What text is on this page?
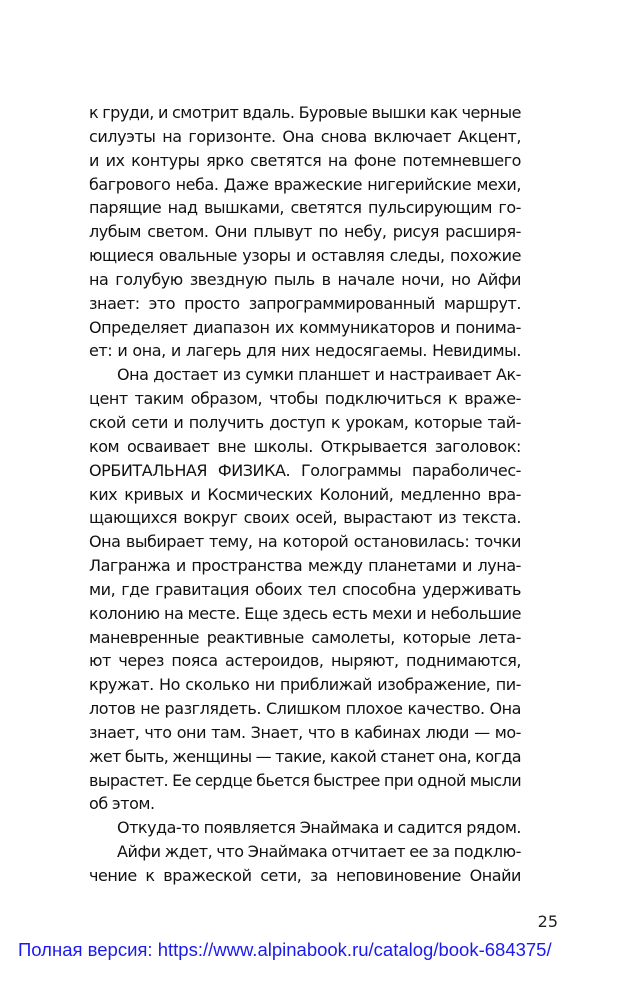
к груди, и смотрит вдаль. Буровые вышки как черные
силуэты на горизонте. Она снова включает Акцент,
и их контуры ярко светятся на фоне потемневшего
багрового неба. Даже вражеские нигерийские мехи,
парящие над вышками, светятся пульсирующим го-
лубым светом. Они плывут по небу, рисуя расширя-
ющиеся овальные узоры и оставляя следы, похожие
на голубую звездную пыль в начале ночи, но Айфи
знает: это просто запрограммированный маршрут.
Определяет диапазон их коммуникаторов и понима-
ет: и она, и лагерь для них недосягаемы. Невидимы.
Она достает из сумки планшет и настраивает Ак-
цент таким образом, чтобы подключиться к враже-
ской сети и получить доступ к урокам, которые тай-
ком осваивает вне школы. Открывается заголовок:
ОРБИТАЛЬНАЯ ФИЗИКА. Голограммы параболичес-
ких кривых и Космических Колоний, медленно вра-
щающихся вокруг своих осей, вырастают из текста.
Она выбирает тему, на которой остановилась: точки
Лагранжа и пространства между планетами и луна-
ми, где гравитация обоих тел способна удерживать
колонию на месте. Еще здесь есть мехи и небольшие
маневренные реактивные самолеты, которые лета-
ют через пояса астероидов, ныряют, поднимаются,
кружат. Но сколько ни приближай изображение, пи-
лотов не разглядеть. Слишком плохое качество. Она
знает, что они там. Знает, что в кабинах люди — мо-
жет быть, женщины — такие, какой станет она, когда
вырастет. Ее сердце бьется быстрее при одной мысли
об этом.
Откуда-то появляется Энаймака и садится рядом.
Айфи ждет, что Энаймака отчитает ее за подклю-
чение к вражеской сети, за неповиновение Онайи
25
Полная версия: https://www.alpinabook.ru/catalog/book-684375/
